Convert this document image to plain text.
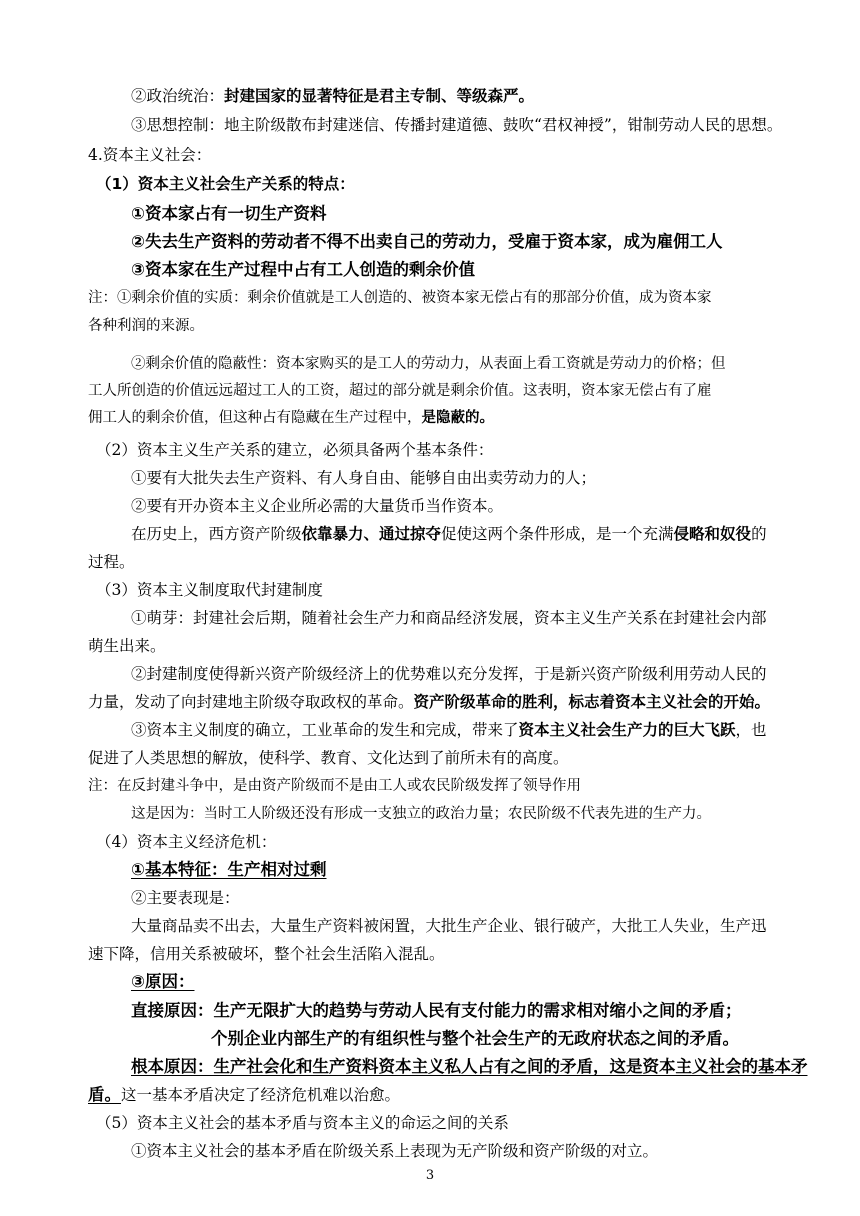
②政治统治：封建国家的显著特征是君主专制、等级森严。
③思想控制：地主阶级散布封建迷信、传播封建道德、鼓吹“君权神授”，钳制劳动人民的思想。
4.资本主义社会：
（1）资本主义社会生产关系的特点：
①资本家占有一切生产资料
②失去生产资料的劳动者不得不出卖自己的劳动力，受雇于资本家，成为雇佣工人
③资本家在生产过程中占有工人创造的剩余价值
注：①剩余价值的实质：剩余价值就是工人创造的、被资本家无偿占有的那部分价值，成为资本家
各种利润的来源。
②剩余价值的隐蔽性：资本家购买的是工人的劳动力，从表面上看工资就是劳动力的价格；但
工人所创造的价值远远超过工人的工资，超过的部分就是剩余价值。这表明，资本家无偿占有了雇
佣工人的剩余价值，但这种占有隐藏在生产过程中，是隐蔽的。
（2）资本主义生产关系的建立，必须具备两个基本条件：
①要有大批失去生产资料、有人身自由、能够自由出卖劳动力的人；
②要有开办资本主义企业所必需的大量货币当作资本。
在历史上，西方资产阶级依靠暴力、通过掠夺促使这两个条件形成，是一个充满侵略和奴役的
过程。
（3）资本主义制度取代封建制度
①萌芽：封建社会后期，随着社会生产力和商品经济发展，资本主义生产关系在封建社会内部
萌生出来。
②封建制度使得新兴资产阶级经济上的优势难以充分发挥，于是新兴资产阶级利用劳动人民的
力量，发动了向封建地主阶级夺取政权的革命。资产阶级革命的胜利，标志着资本主义社会的开始。
③资本主义制度的确立，工业革命的发生和完成，带来了资本主义社会生产力的巨大飞跃，也
促进了人类思想的解放，使科学、教育、文化达到了前所未有的高度。
注：在反封建斗争中，是由资产阶级而不是由工人或农民阶级发挥了领导作用
这是因为：当时工人阶级还没有形成一支独立的政治力量；农民阶级不代表先进的生产力。
（4）资本主义经济危机：
①基本特征：生产相对过剩
②主要表现是：
大量商品卖不出去，大量生产资料被闲置，大批生产企业、银行破产，大批工人失业，生产迅
速下降，信用关系被破坏，整个社会生活陷入混乱。
③原因：
直接原因：生产无限扩大的趋势与劳动人民有支付能力的需求相对缩小之间的矛盾；
个别企业内部生产的有组织性与整个社会生产的无政府状态之间的矛盾。
根本原因：生产社会化和生产资料资本主义私人占有之间的矛盾，这是资本主义社会的基本矛
盾。这一基本矛盾决定了经济危机难以治愈。
（5）资本主义社会的基本矛盾与资本主义的命运之间的关系
①资本主义社会的基本矛盾在阶级关系上表现为无产阶级和资产阶级的对立。
3
